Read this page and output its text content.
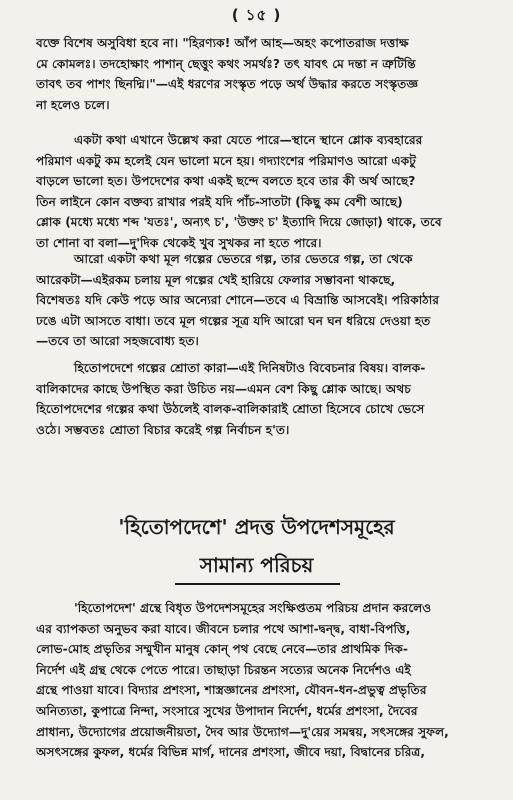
( ১৫ )
বক্তে বিশেষ অসুবিধা হবে না। "হিরণ্যক! আঁপ আহ—অহং কপোতরাজ দত্তাক্ষ
মে কোমলঃ। তদহোক্ষাং পাশান্ ছেত্তুং কথং সমর্থঃ? তৎ যাবৎ মে দন্তা ন ত্রুটিন্তি
তাবৎ তব পাশং ছিনদ্মি।"—এই ধরণের সংস্কৃত পড়ে অর্থ উদ্ধার করতে সংস্কৃতজ্ঞ
না হলেও চলে।
একটা কথা এখানে উল্লেখ করা যেতে পারে—স্থানে স্থানে শ্লোক ব্যবহারের
পরিমাণ একটু কম হলেই যেন ভালো মনে হয়। গদ্যাংশের পরিমাণও আরো একটু
বাড়লে ভালো হত। উপদেশের কথা একই ছন্দে বলতে হবে তার কী অর্থ আছে?
তিন লাইনে কোন বক্তব্য রাখার পরই যদি পাঁচ-সাতটা (কিছু কম বেশী আছে)
শ্লোক (মধ্যে মধ্যে শব্দ 'যতঃ', অন্যৎ চ', 'উক্তং চ' ইত্যাদি দিয়ে জোড়া) থাকে, তবে
তা শোনা বা বলা—দু'দিক থেকেই খুব সুখকর না হতে পারে।
আরো একটা কথা মূল গল্পের ভেতরে গল্প, তার ভেতরে গল্প, তা থেকে
আরেকটা—এইরকম চলায় মূল গল্পের খেই হারিয়ে ফেলার সম্ভাবনা থাকছে,
বিশেষতঃ যদি কেউ পড়ে আর অন্যেরা শোনে—তবে এ বিভ্রান্তি আসবেই। পরিকাঠার
ঢঙে এটা আসতে বাধা। তবে মূল গল্পের সূত্র যদি আরো ঘন ঘন ধরিয়ে দেওয়া হত
—তবে তা আরো সহজবোধ্য হত।
হিতোপদেশে গল্পের শ্রোতা কারা—এই দিনিষটাও বিবেচনার বিষয়। বালক-
বালিকাদের কাছে উপস্থিত করা উচিত নয়—এমন বেশ কিছু শ্লোক আছে। অথচ
হিতোপদেশের গল্পের কথা উঠলেই বালক-বালিকারাই শ্রোতা হিসেবে চোখে ভেসে
ওঠে। সম্ভবতঃ শ্রোতা বিচার করেই গল্প নির্বাচন হ'ত।
'হিতোপদেশে' প্রদত্ত উপদেশসমূহের
সামান্য পরিচয়
'হিতোপদেশ' গ্রন্থে বিধৃত উপদেশসমূহের সংক্ষিপ্ততম পরিচয় প্রদান করলেও
এর ব্যাপকতা অনুভব করা যাবে। জীবনে চলার পথে আশা-দ্বন্দ্ব, বাধা-বিপত্তি,
লোভ-মোহ প্রভৃতির সম্মুখীন মানুষ কোন্ পথ বেছে নেবে—তার প্রাথমিক দিক-
নির্দেশ এই গ্রন্থ থেকে পেতে পারে। তাছাড়া চিরন্তন সত্যের অনেক নির্দেশও এই
গ্রন্থে পাওয়া যাবে। বিদ্যার প্রশংসা, শাস্ত্রজ্ঞানের প্রশংসা, যৌবন-ধন-প্রভুত্ব প্রভৃতির
অনিত্যতা, কুপাত্রে নিন্দা, সংসারে সুখের উপাদান নির্দেশ, ধর্মের প্রশংসা, দৈবের
প্রাধান্য, উদ্যোগের প্রয়োজনীয়তা, দৈব আর উদ্যোগ—দু'য়ের সমন্বয়, সৎসঙ্গের সুফল,
অসৎসঙ্গের কুফল, ধর্মের বিভিন্ন মার্গ, দানের প্রশংসা, জীবে দয়া, বিদ্বানের চরিত্র,
